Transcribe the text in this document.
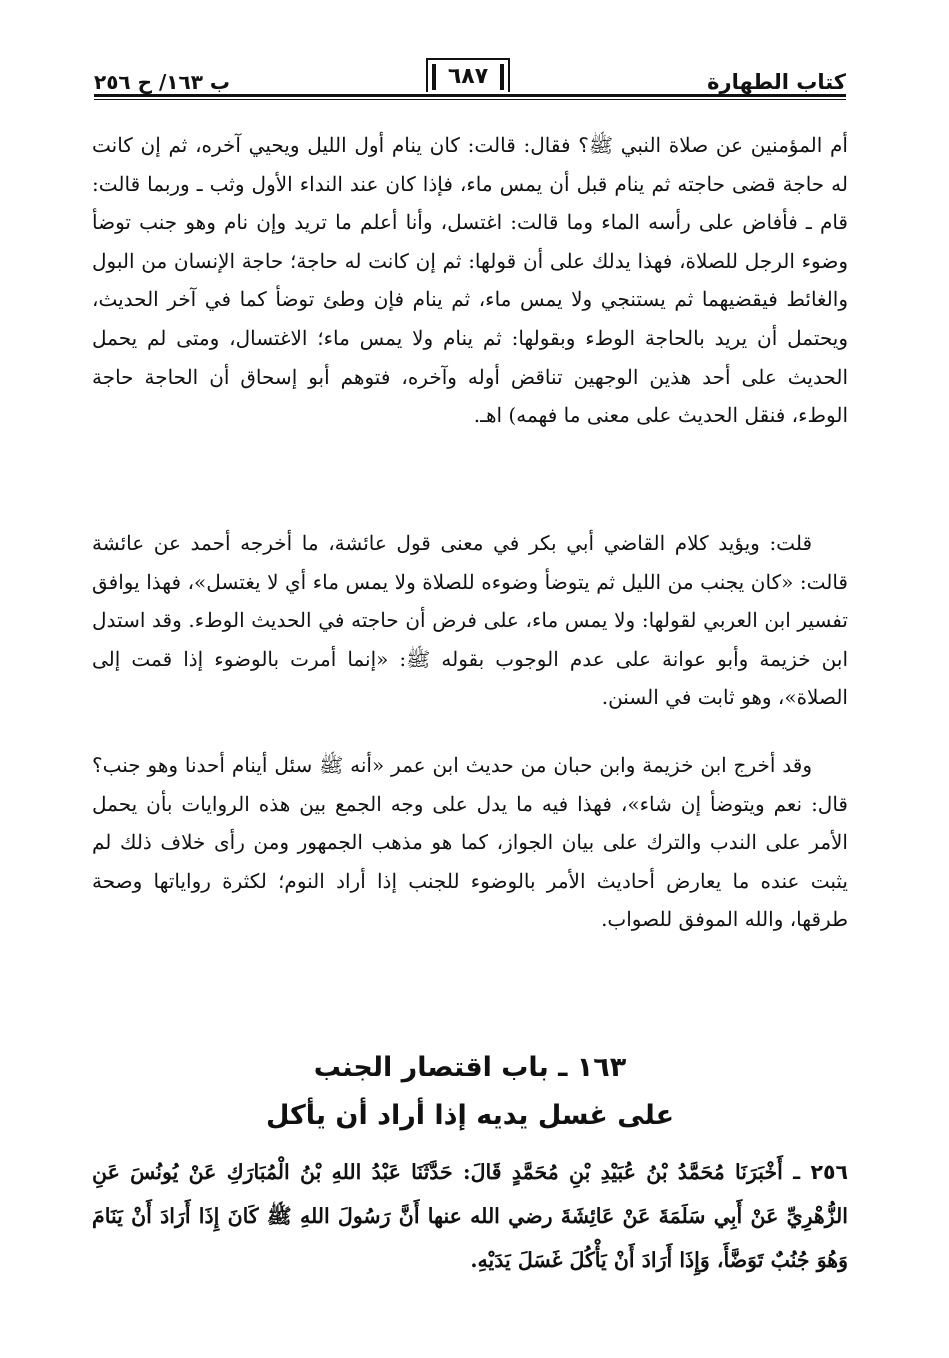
كتاب الطهارة
٦٨٧
ب ١٦٣/ ح ٢٥٦

أم المؤمنين عن صلاة النبي ﷺ؟ فقال: قالت: كان ينام أول الليل ويحيي آخره، ثم إن كانت له حاجة قضى حاجته ثم ينام قبل أن يمس ماء، فإذا كان عند النداء الأول وثب ـ وربما قالت: قام ـ فأفاض على رأسه الماء وما قالت: اغتسل، وأنا أعلم ما تريد وإن نام وهو جنب توضأ وضوء الرجل للصلاة، فهذا يدلك على أن قولها: ثم إن كانت له حاجة؛ حاجة الإنسان من البول والغائط فيقضيهما ثم يستنجي ولا يمس ماء، ثم ينام فإن وطئ توضأ كما في آخر الحديث، ويحتمل أن يريد بالحاجة الوطء وبقولها: ثم ينام ولا يمس ماء؛ الاغتسال، ومتى لم يحمل الحديث على أحد هذين الوجهين تناقض أوله وآخره، فتوهم أبو إسحاق أن الحاجة حاجة الوطء، فنقل الحديث على معنى ما فهمه) اهـ.

قلت: ويؤيد كلام القاضي أبي بكر في معنى قول عائشة، ما أخرجه أحمد عن عائشة قالت: «كان يجنب من الليل ثم يتوضأ وضوءه للصلاة ولا يمس ماء أي لا يغتسل»، فهذا يوافق تفسير ابن العربي لقولها: ولا يمس ماء، على فرض أن حاجته في الحديث الوطء. وقد استدل ابن خزيمة وأبو عوانة على عدم الوجوب بقوله ﷺ: «إنما أمرت بالوضوء إذا قمت إلى الصلاة»، وهو ثابت في السنن.

وقد أخرج ابن خزيمة وابن حبان من حديث ابن عمر «أنه ﷺ سئل أينام أحدنا وهو جنب؟ قال: نعم ويتوضأ إن شاء»، فهذا فيه ما يدل على وجه الجمع بين هذه الروايات بأن يحمل الأمر على الندب والترك على بيان الجواز، كما هو مذهب الجمهور ومن رأى خلاف ذلك لم يثبت عنده ما يعارض أحاديث الأمر بالوضوء للجنب إذا أراد النوم؛ لكثرة رواياتها وصحة طرقها، والله الموفق للصواب.

١٦٣ ـ باب اقتصار الجنب
على غسل يديه إذا أراد أن يأكل

٢٥٦ ـ أَخْبَرَنَا مُحَمَّدُ بْنُ عُبَيْدِ بْنِ مُحَمَّدٍ قَالَ: حَدَّثَنَا عَبْدُ اللهِ بْنُ الْمُبَارَكِ عَنْ يُونُسَ عَنِ الزُّهْرِيِّ عَنْ أَبِي سَلَمَةَ عَنْ عَائِشَةَ رضي الله عنها أَنَّ رَسُولَ اللهِ ﷺ كَانَ إِذَا أَرَادَ أَنْ يَنَامَ وَهُوَ جُنُبٌ تَوَضَّأَ، وَإِذَا أَرَادَ أَنْ يَأْكُلَ غَسَلَ يَدَيْهِ.
